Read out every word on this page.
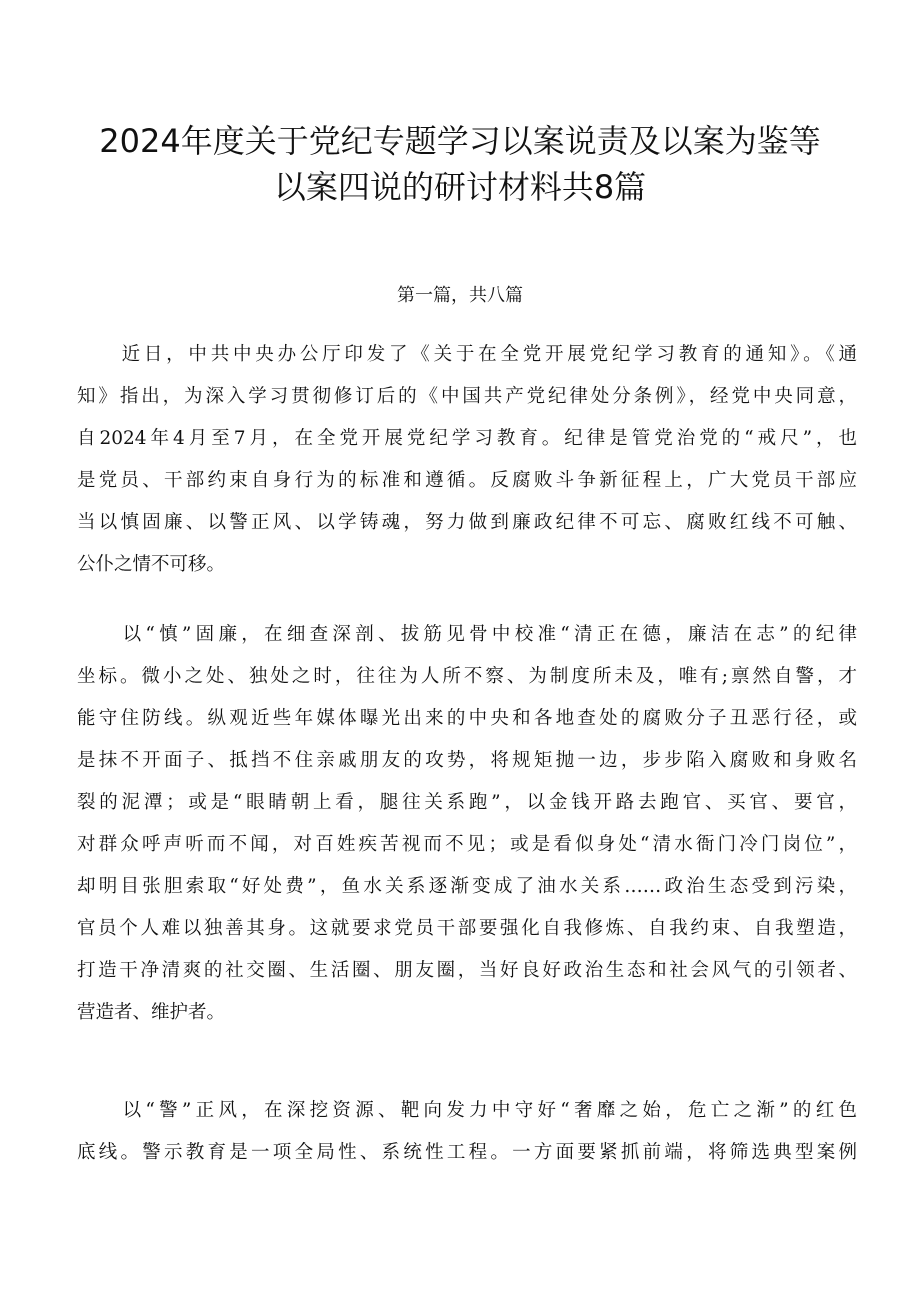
2024年度关于党纪专题学习以案说责及以案为鉴等
以案四说的研讨材料共8篇
第一篇，共八篇
　　近日，中共中央办公厅印发了《关于在全党开展党纪学习教育的通知》。《通
知》指出，为深入学习贯彻修订后的《中国共产党纪律处分条例》，经党中央同意，
自2024年4月至7月，在全党开展党纪学习教育。纪律是管党治党的“戒尺”，也
是党员、干部约束自身行为的标准和遵循。反腐败斗争新征程上，广大党员干部应
当以慎固廉、以警正风、以学铸魂，努力做到廉政纪律不可忘、腐败红线不可触、
公仆之情不可移。
　　以“慎”固廉，在细查深剖、拔筋见骨中校准“清正在德，廉洁在志”的纪律
坐标。微小之处、独处之时，往往为人所不察、为制度所未及，唯有;禀然自警，才
能守住防线。纵观近些年媒体曝光出来的中央和各地查处的腐败分子丑恶行径，或
是抹不开面子、抵挡不住亲戚朋友的攻势，将规矩抛一边，步步陷入腐败和身败名
裂的泥潭；或是“眼睛朝上看，腿往关系跑”，以金钱开路去跑官、买官、要官，
对群众呼声听而不闻，对百姓疾苦视而不见；或是看似身处“清水衙门冷门岗位”，
却明目张胆索取“好处费”，鱼水关系逐渐变成了油水关系……政治生态受到污染，
官员个人难以独善其身。这就要求党员干部要强化自我修炼、自我约束、自我塑造，
打造干净清爽的社交圈、生活圈、朋友圈，当好良好政治生态和社会风气的引领者、
营造者、维护者。
　　以“警”正风，在深挖资源、靶向发力中守好“奢靡之始，危亡之渐”的红色
底线。警示教育是一项全局性、系统性工程。一方面要紧抓前端，将筛选典型案例
